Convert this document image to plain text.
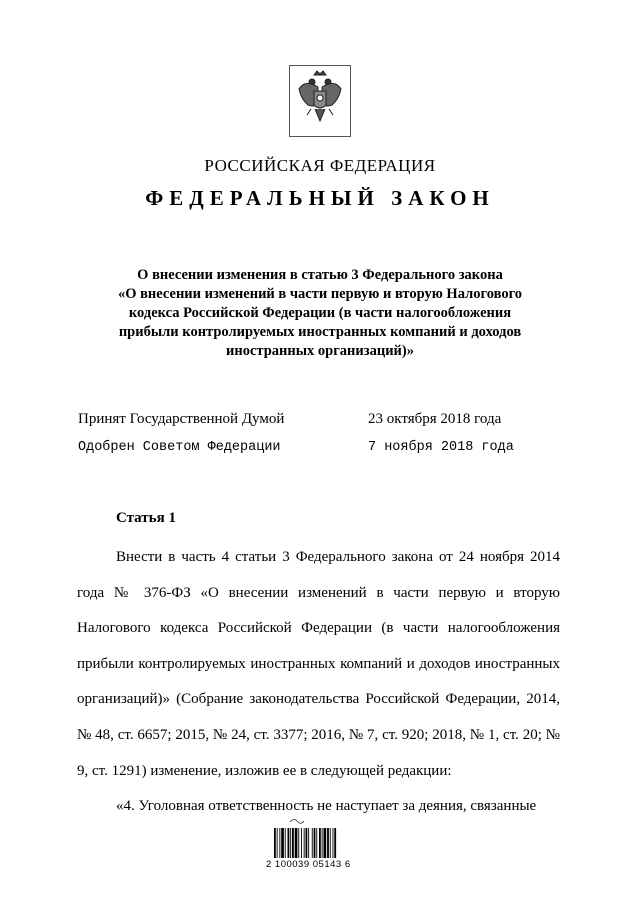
РОССИЙСКАЯ ФЕДЕРАЦИЯ
ФЕДЕРАЛЬНЫЙ ЗАКОН
О внесении изменения в статью 3 Федерального закона
«О внесении изменений в части первую и вторую Налогового
кодекса Российской Федерации (в части налогообложения
прибыли контролируемых иностранных компаний и доходов
иностранных организаций)»
Принят Государственной Думой	23 октября 2018 года
Одобрен Советом Федерации	7 ноября 2018 года
Статья 1

Внести в часть 4 статьи 3 Федерального закона от 24 ноября 2014 года № 376-ФЗ «О внесении изменений в части первую и вторую Налогового кодекса Российской Федерации (в части налогообложения прибыли контролируемых иностранных компаний и доходов иностранных организаций)» (Собрание законодательства Российской Федерации, 2014, № 48, ст. 6657; 2015, № 24, ст. 3377; 2016, № 7, ст. 920; 2018, № 1, ст. 20; № 9, ст. 1291) изменение, изложив ее в следующей редакции:

«4. Уголовная ответственность не наступает за деяния, связанные

2 100039 05143 6
